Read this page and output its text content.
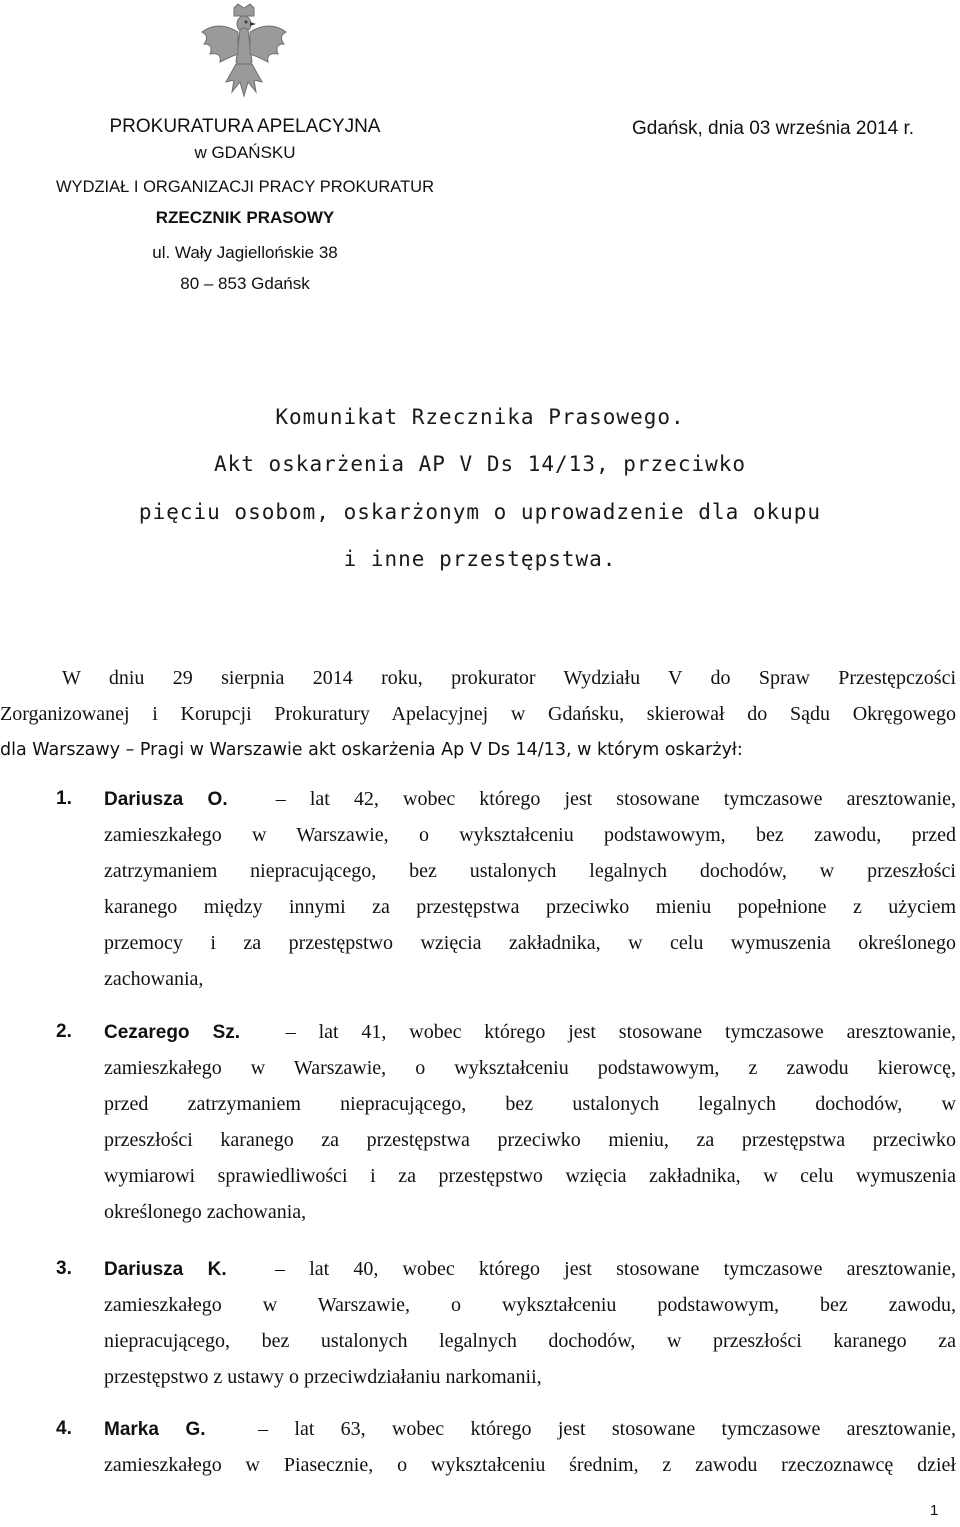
PROKURATURA APELACYJNA
w GDAŃSKU
WYDZIAŁ I ORGANIZACJI PRACY PROKURATUR
RZECZNIK PRASOWY
ul. Wały Jagiellońskie 38
80 – 853 Gdańsk
Gdańsk, dnia 03 września 2014 r.
Komunikat Rzecznika Prasowego.
Akt oskarżenia AP V Ds 14/13, przeciwko
pięciu osobom, oskarżonym o uprowadzenie dla okupu
i inne przestępstwa.
W dniu 29 sierpnia 2014 roku, prokurator Wydziału V do Spraw Przestępczości
Zorganizowanej i Korupcji Prokuratury Apelacyjnej w Gdańsku, skierował do Sądu Okręgowego
dla Warszawy – Pragi w Warszawie akt oskarżenia Ap V Ds 14/13, w którym oskarżył:
1. Dariusza O. – lat 42, wobec którego jest stosowane tymczasowe aresztowanie,
zamieszkałego w Warszawie, o wykształceniu podstawowym, bez zawodu, przed
zatrzymaniem niepracującego, bez ustalonych legalnych dochodów, w przeszłości
karanego między innymi za przestępstwa przeciwko mieniu popełnione z użyciem
przemocy i za przestępstwo wzięcia zakładnika, w celu wymuszenia określonego
zachowania,
2. Cezarego Sz. – lat 41, wobec którego jest stosowane tymczasowe aresztowanie,
zamieszkałego w Warszawie, o wykształceniu podstawowym, z zawodu kierowcę,
przed zatrzymaniem niepracującego, bez ustalonych legalnych dochodów, w
przeszłości karanego za przestępstwa przeciwko mieniu, za przestępstwa przeciwko
wymiarowi sprawiedliwości i za przestępstwo wzięcia zakładnika, w celu wymuszenia
określonego zachowania,
3. Dariusza K. – lat 40, wobec którego jest stosowane tymczasowe aresztowanie,
zamieszkałego w Warszawie, o wykształceniu podstawowym, bez zawodu,
niepracującego, bez ustalonych legalnych dochodów, w przeszłości karanego za
przestępstwo z ustawy o przeciwdziałaniu narkomanii,
4. Marka G.	– lat 63, wobec którego jest stosowane tymczasowe aresztowanie,
zamieszkałego w Piasecznie, o wykształceniu średnim, z zawodu rzeczoznawcę dzieł
1
